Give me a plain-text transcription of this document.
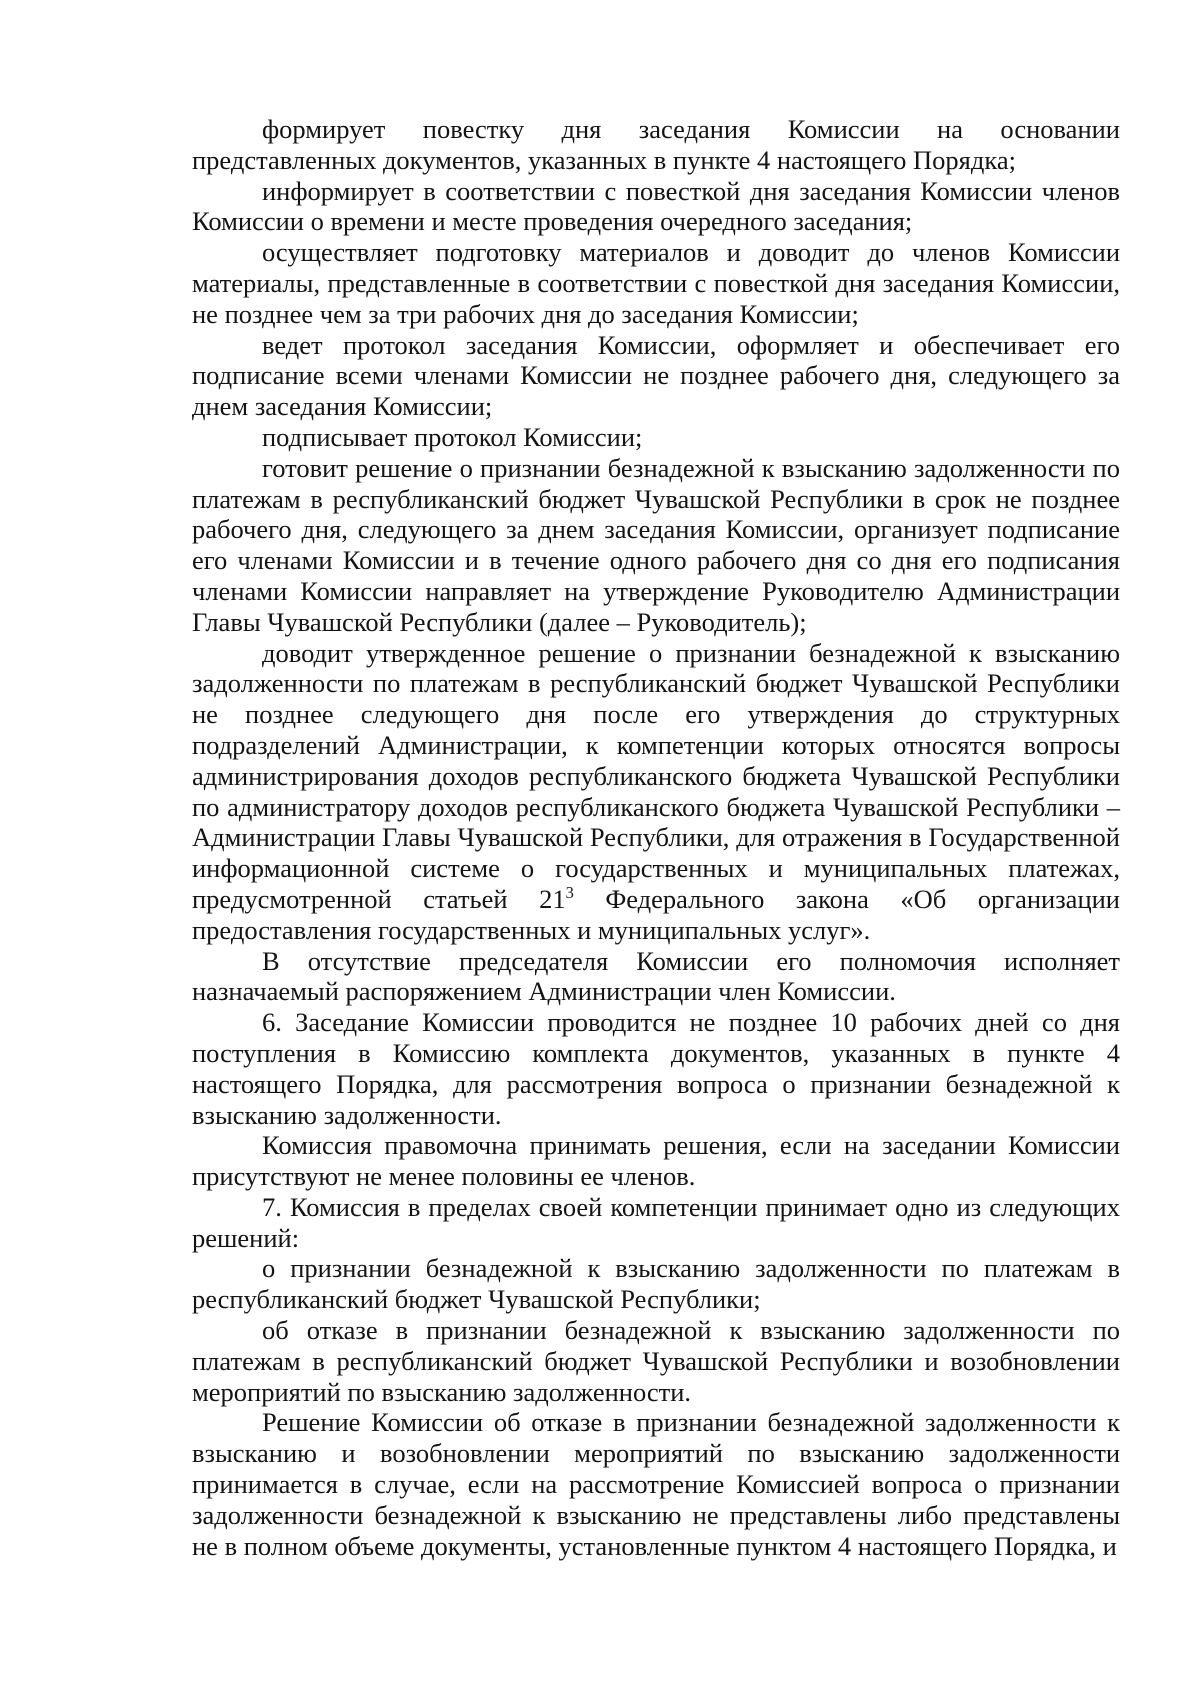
формирует повестку дня заседания Комиссии на основании представленных документов, указанных в пункте 4 настоящего Порядка;

информирует в соответствии с повесткой дня заседания Комиссии членов Комиссии о времени и месте проведения очередного заседания;

осуществляет подготовку материалов и доводит до членов Комиссии материалы, представленные в соответствии с повесткой дня заседания Комиссии, не позднее чем за три рабочих дня до заседания Комиссии;

ведет протокол заседания Комиссии, оформляет и обеспечивает его подписание всеми членами Комиссии не позднее рабочего дня, следующего за днем заседания Комиссии;

подписывает протокол Комиссии;

готовит решение о признании безнадежной к взысканию задолженности по платежам в республиканский бюджет Чувашской Республики в срок не позднее рабочего дня, следующего за днем заседания Комиссии, организует подписание его членами Комиссии и в течение одного рабочего дня со дня его подписания членами Комиссии направляет на утверждение Руководителю Администрации Главы Чувашской Республики (далее – Руководитель);

доводит утвержденное решение о признании безнадежной к взысканию задолженности по платежам в республиканский бюджет Чувашской Республики не позднее следующего дня после его утверждения до структурных подразделений Администрации, к компетенции которых относятся вопросы администрирования доходов республиканского бюджета Чувашской Республики по администратору доходов республиканского бюджета Чувашской Республики – Администрации Главы Чувашской Республики, для отражения в Государственной информационной системе о государственных и муниципальных платежах, предусмотренной статьей $21^3$ Федерального закона «Об организации предоставления государственных и муниципальных услуг».

В отсутствие председателя Комиссии его полномочия исполняет назначаемый распоряжением Администрации член Комиссии.

6. Заседание Комиссии проводится не позднее 10 рабочих дней со дня поступления в Комиссию комплекта документов, указанных в пункте 4 настоящего Порядка, для рассмотрения вопроса о признании безнадежной к взысканию задолженности.

Комиссия правомочна принимать решения, если на заседании Комиссии присутствуют не менее половины ее членов.

7. Комиссия в пределах своей компетенции принимает одно из следующих решений:

о признании безнадежной к взысканию задолженности по платежам в республиканский бюджет Чувашской Республики;

об отказе в признании безнадежной к взысканию задолженности по платежам в республиканский бюджет Чувашской Республики и возобновлении мероприятий по взысканию задолженности.

Решение Комиссии об отказе в признании безнадежной задолженности к взысканию и возобновлении мероприятий по взысканию задолженности принимается в случае, если на рассмотрение Комиссией вопроса о признании задолженности безнадежной к взысканию не представлены либо представлены не в полном объеме документы, установленные пунктом 4 настоящего Порядка, и
